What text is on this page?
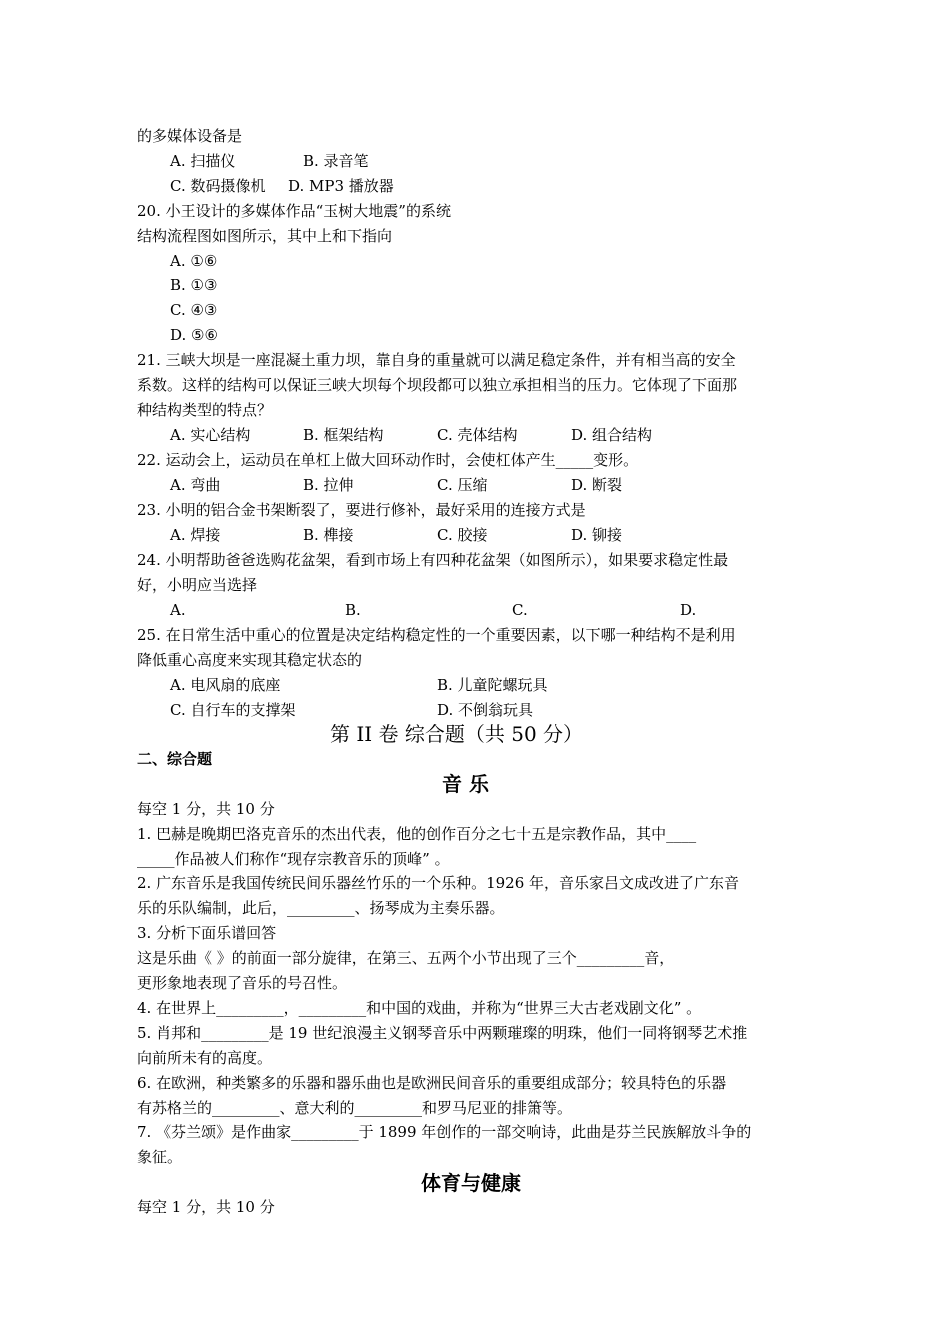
的多媒体设备是
A. 扫描仪	B. 录音笔
C. 数码摄像机 D. MP3 播放器
20. 小王设计的多媒体作品“玉树大地震”的系统
结构流程图如图所示，其中上和下指向
A. ①⑥
B. ①③
C. ④③
D. ⑤⑥
21. 三峡大坝是一座混凝土重力坝，靠自身的重量就可以满足稳定条件，并有相当高的安全
系数。这样的结构可以保证三峡大坝每个坝段都可以独立承担相当的压力。它体现了下面那
种结构类型的特点？
A. 实心结构	B. 框架结构	C. 壳体结构	D. 组合结构
22. 运动会上，运动员在单杠上做大回环动作时，会使杠体产生_____变形。
A. 弯曲	B. 拉伸	C. 压缩	D. 断裂
23. 小明的铝合金书架断裂了，要进行修补，最好采用的连接方式是
A. 焊接	B. 榫接	C. 胶接	D. 铆接
24. 小明帮助爸爸选购花盆架，看到市场上有四种花盆架（如图所示），如果要求稳定性最
好，小明应当选择
A.	B.	C.	D.
25. 在日常生活中重心的位置是决定结构稳定性的一个重要因素，以下哪一种结构不是利用
降低重心高度来实现其稳定状态的
A. 电风扇的底座	B. 儿童陀螺玩具
C. 自行车的支撑架	D. 不倒翁玩具
第 II 卷 综合题（共 50 分）
二、综合题
音 乐
每空 1 分，共 10 分
1. 巴赫是晚期巴洛克音乐的杰出代表，他的创作百分之七十五是宗教作品，其中____
_____作品被人们称作“现存宗教音乐的顶峰” 。
2. 广东音乐是我国传统民间乐器丝竹乐的一个乐种。1926 年，音乐家吕文成改进了广东音
乐的乐队编制，此后，_________、扬琴成为主奏乐器。
3. 分析下面乐谱回答
这是乐曲《 》的前面一部分旋律，在第三、五两个小节出现了三个_________音，
更形象地表现了音乐的号召性。
4. 在世界上_________，_________和中国的戏曲，并称为“世界三大古老戏剧文化” 。
5. 肖邦和_________是 19 世纪浪漫主义钢琴音乐中两颗璀璨的明珠，他们一同将钢琴艺术推
向前所未有的高度。
6. 在欧洲，种类繁多的乐器和器乐曲也是欧洲民间音乐的重要组成部分；较具特色的乐器
有苏格兰的_________、意大利的_________和罗马尼亚的排箫等。
7. 《芬兰颂》是作曲家_________于 1899 年创作的一部交响诗，此曲是芬兰民族解放斗争的
象征。
体育与健康
每空 1 分，共 10 分
